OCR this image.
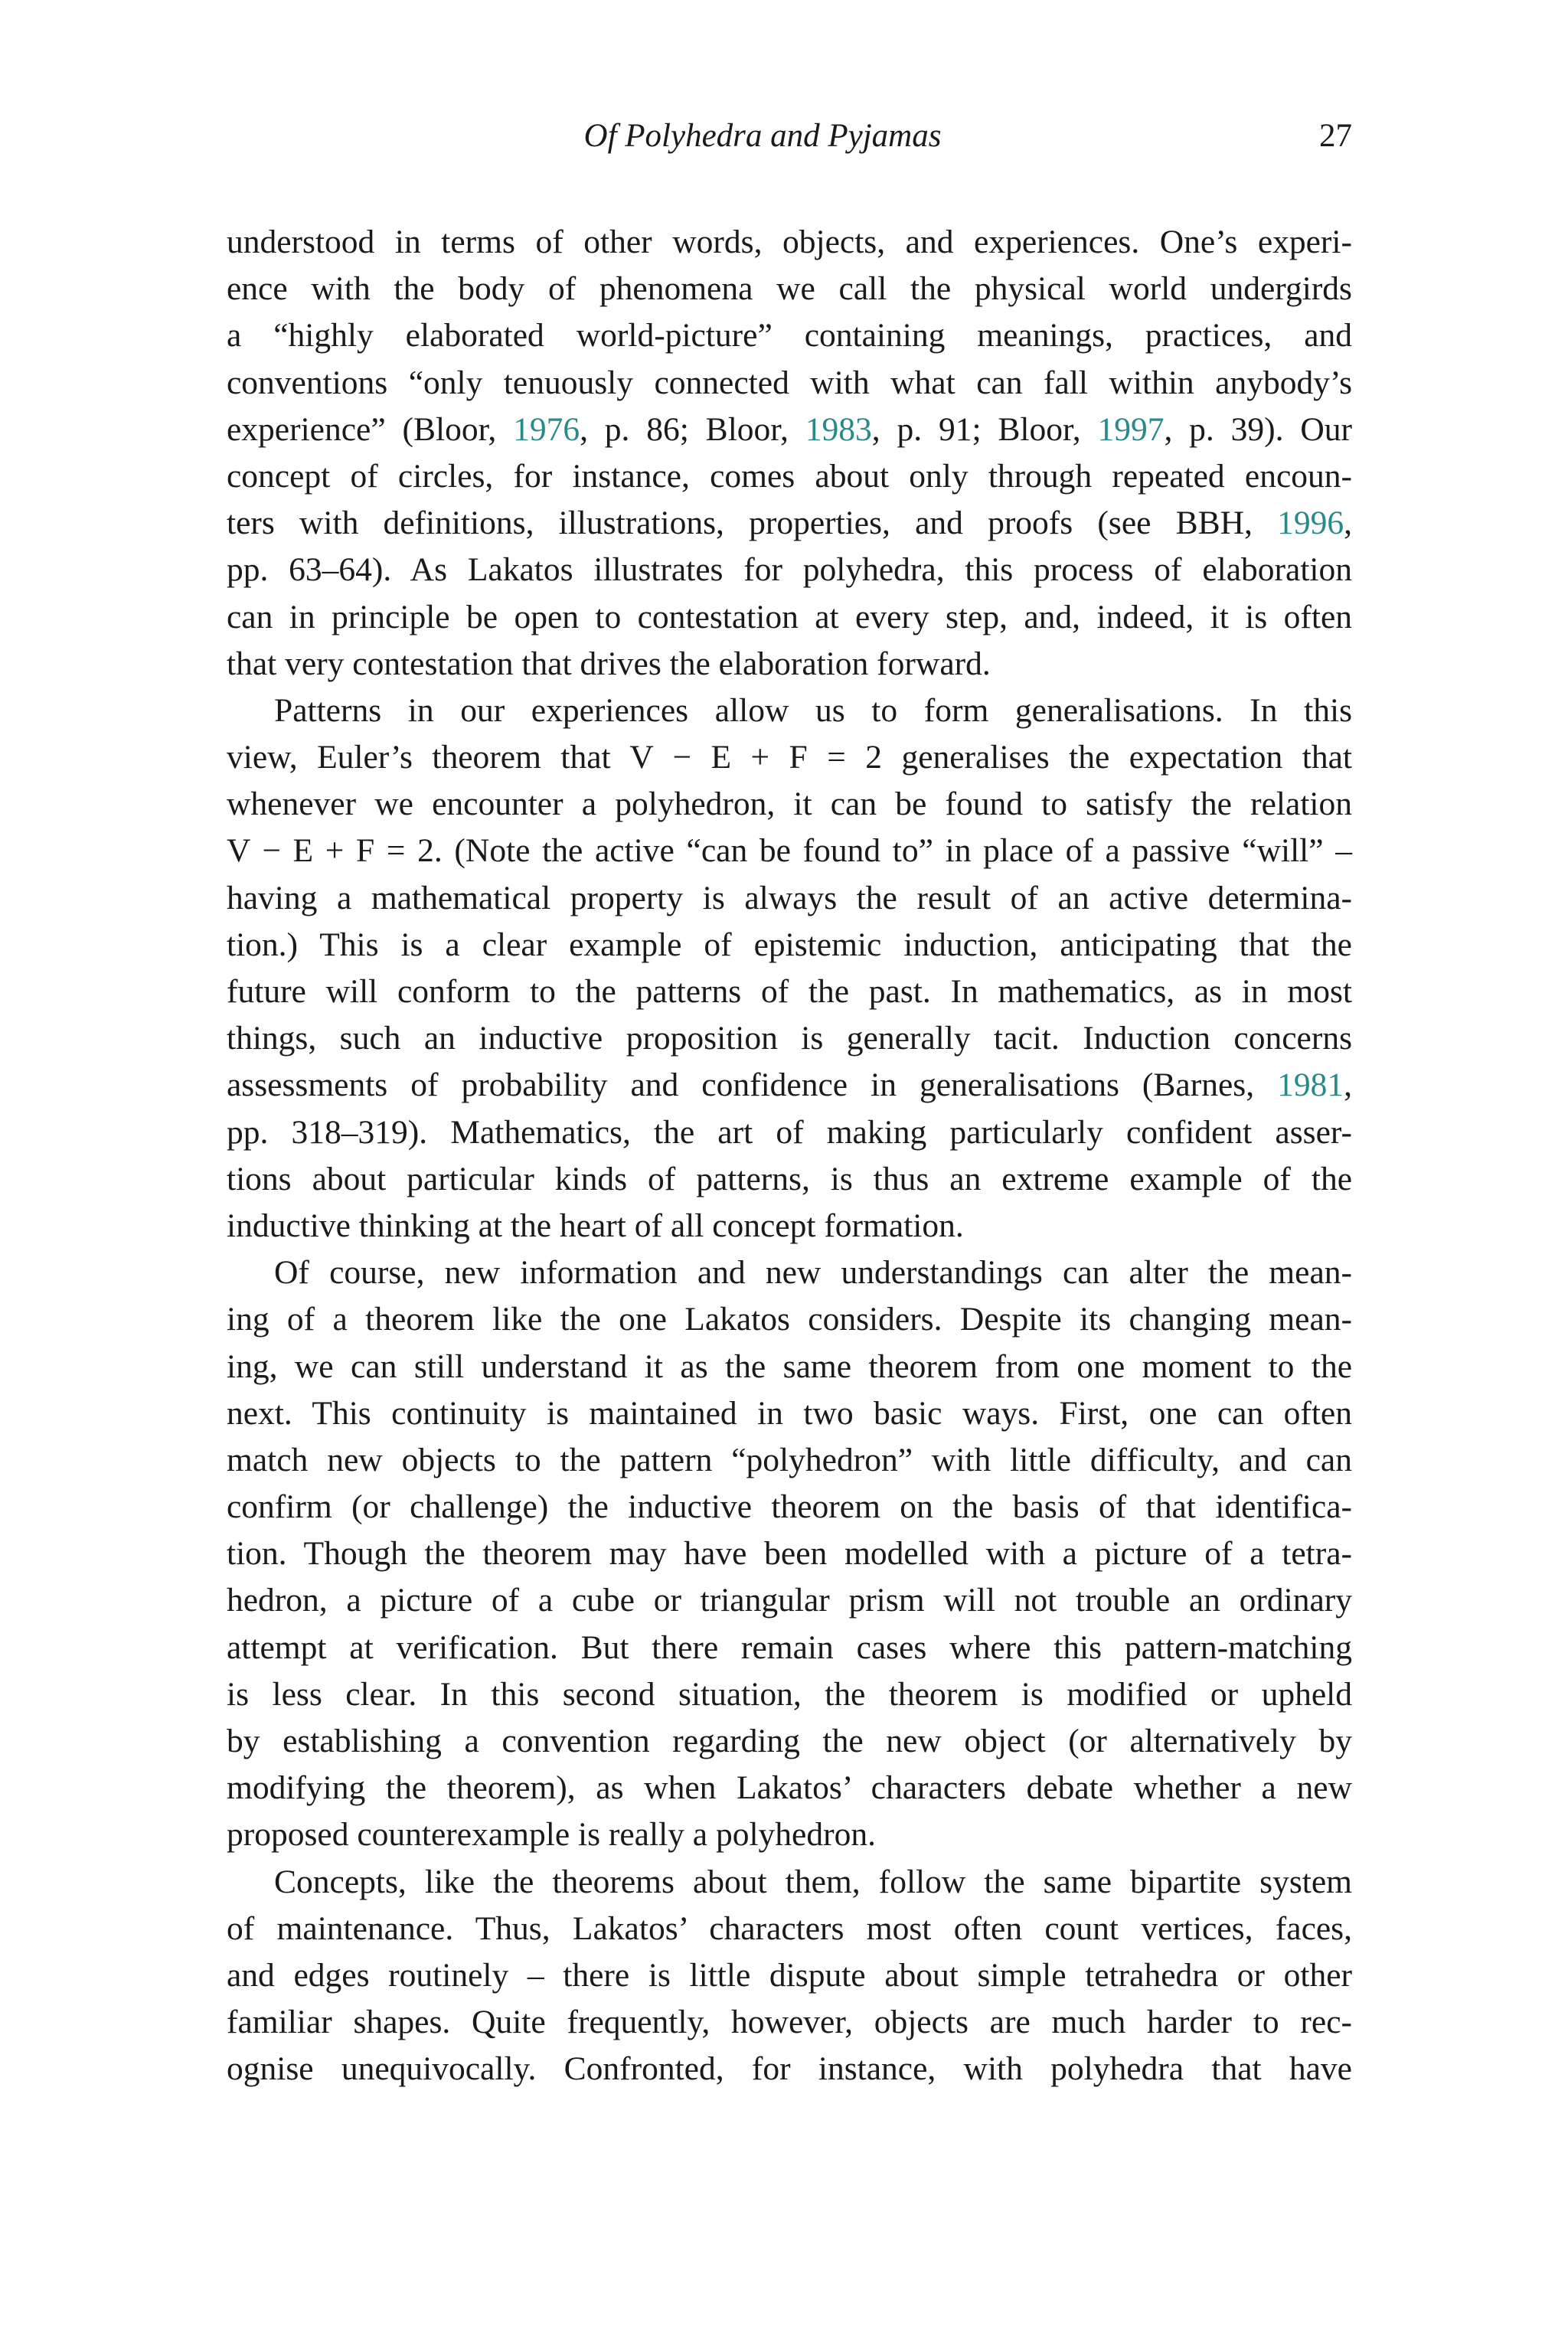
Of Polyhedra and Pyjamas	27
understood in terms of other words, objects, and experiences. One’s experi-
ence with the body of phenomena we call the physical world undergirds
a “highly elaborated world-picture” containing meanings, practices, and
conventions “only tenuously connected with what can fall within anybody’s
experience” (Bloor, 1976, p. 86; Bloor, 1983, p. 91; Bloor, 1997, p. 39). Our
concept of circles, for instance, comes about only through repeated encoun-
ters with definitions, illustrations, properties, and proofs (see BBH, 1996,
pp. 63–64). As Lakatos illustrates for polyhedra, this process of elaboration
can in principle be open to contestation at every step, and, indeed, it is often
that very contestation that drives the elaboration forward.
Patterns in our experiences allow us to form generalisations. In this
view, Euler’s theorem that V − E + F = 2 generalises the expectation that
whenever we encounter a polyhedron, it can be found to satisfy the relation
V − E + F = 2. (Note the active “can be found to” in place of a passive “will” –
having a mathematical property is always the result of an active determina-
tion.) This is a clear example of epistemic induction, anticipating that the
future will conform to the patterns of the past. In mathematics, as in most
things, such an inductive proposition is generally tacit. Induction concerns
assessments of probability and confidence in generalisations (Barnes, 1981,
pp. 318–319). Mathematics, the art of making particularly confident asser-
tions about particular kinds of patterns, is thus an extreme example of the
inductive thinking at the heart of all concept formation.
Of course, new information and new understandings can alter the mean-
ing of a theorem like the one Lakatos considers. Despite its changing mean-
ing, we can still understand it as the same theorem from one moment to the
next. This continuity is maintained in two basic ways. First, one can often
match new objects to the pattern “polyhedron” with little difficulty, and can
confirm (or challenge) the inductive theorem on the basis of that identifica-
tion. Though the theorem may have been modelled with a picture of a tetra-
hedron, a picture of a cube or triangular prism will not trouble an ordinary
attempt at verification. But there remain cases where this pattern-matching
is less clear. In this second situation, the theorem is modified or upheld
by establishing a convention regarding the new object (or alternatively by
modifying the theorem), as when Lakatos’ characters debate whether a new
proposed counterexample is really a polyhedron.
Concepts, like the theorems about them, follow the same bipartite system
of maintenance. Thus, Lakatos’ characters most often count vertices, faces,
and edges routinely – there is little dispute about simple tetrahedra or other
familiar shapes. Quite frequently, however, objects are much harder to rec-
ognise unequivocally. Confronted, for instance, with polyhedra that have
